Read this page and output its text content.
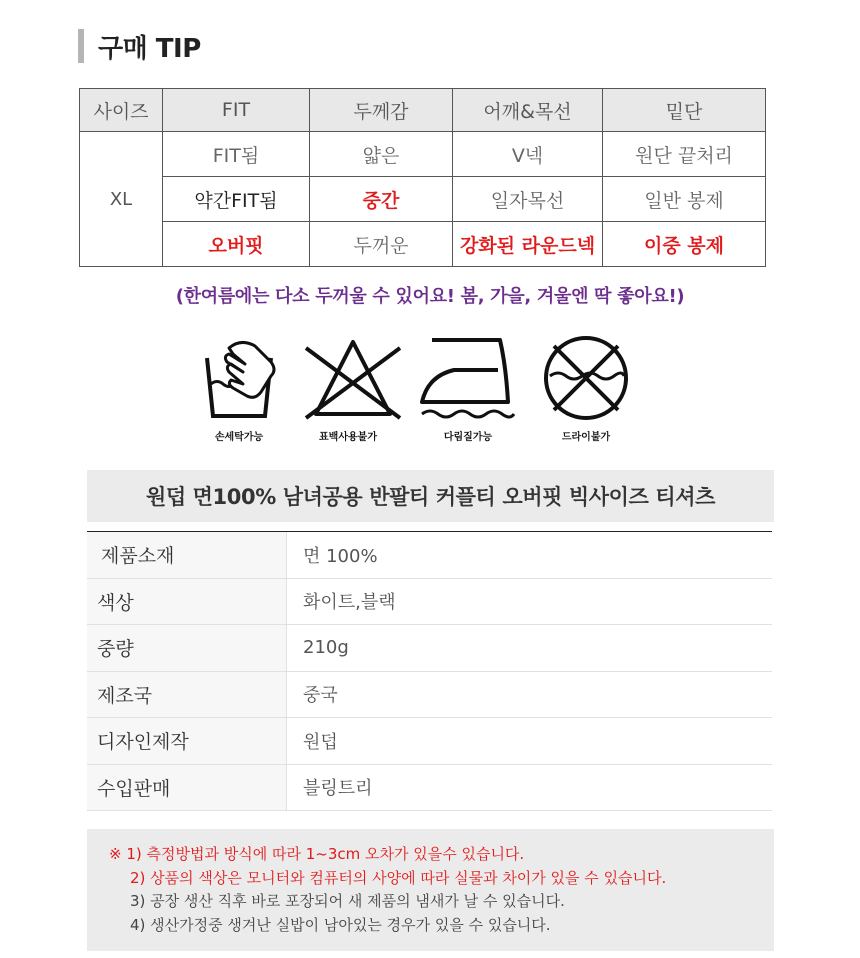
구매 TIP
사이즈	FIT	두께감	어깨&목선	밑단
XL	FIT됨	얇은	V넥	원단 끝처리
	약간FIT됨	중간	일자목선	일반 봉제
	오버핏	두꺼운	강화된 라운드넥	이중 봉제
(한여름에는 다소 두꺼울 수 있어요! 봄, 가을, 겨울엔 딱 좋아요!)
손세탁가능	표백사용불가	다림질가능	드라이불가
원덥 면100% 남녀공용 반팔티 커플티 오버핏 빅사이즈 티셔츠
제품소재	면 100%
색상	화이트,블랙
중량	210g
제조국	중국
디자인제작	원덥
수입판매	블링트리
※ 1) 측정방법과 방식에 따라 1~3cm 오차가 있을수 있습니다.
2) 상품의 색상은 모니터와 컴퓨터의 사양에 따라 실물과 차이가 있을 수 있습니다.
3) 공장 생산 직후 바로 포장되어 새 제품의 냄새가 날 수 있습니다.
4) 생산가정중 생겨난 실밥이 남아있는 경우가 있을 수 있습니다.
